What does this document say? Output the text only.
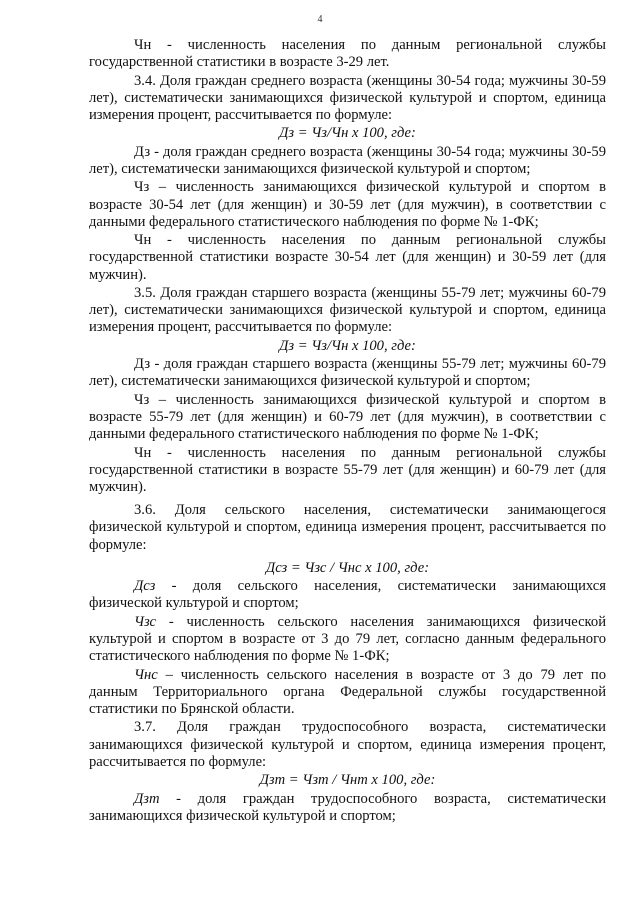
4

Чн - численность населения по данным региональной службы государственной статистики в возрасте 3-29 лет.

3.4. Доля граждан среднего возраста (женщины 30-54 года; мужчины 30-59 лет), систематически занимающихся физической культурой и спортом, единица измерения процент, рассчитывается по формуле:

Дз = Чз/Чн х 100, где:

Дз - доля граждан среднего возраста (женщины 30-54 года; мужчины 30-59 лет), систематически занимающихся физической культурой и спортом;

Чз – численность занимающихся физической культурой и спортом в возрасте 30-54 лет (для женщин) и 30-59 лет (для мужчин), в соответствии с данными федерального статистического наблюдения по форме № 1-ФК;

Чн - численность населения по данным региональной службы государственной статистики возрасте 30-54 лет (для женщин) и 30-59 лет (для мужчин).

3.5. Доля граждан старшего возраста (женщины 55-79 лет; мужчины 60-79 лет), систематически занимающихся физической культурой и спортом, единица измерения процент, рассчитывается по формуле:

Дз = Чз/Чн х 100, где:

Дз - доля граждан старшего возраста (женщины 55-79 лет; мужчины 60-79 лет), систематически занимающихся физической культурой и спортом;

Чз – численность занимающихся физической культурой и спортом в возрасте 55-79 лет (для женщин) и 60-79 лет (для мужчин), в соответствии с данными федерального статистического наблюдения по форме № 1-ФК;

Чн - численность населения по данным региональной службы государственной статистики в возрасте 55-79 лет (для женщин) и 60-79 лет (для мужчин).

3.6. Доля сельского населения, систематически занимающегося физической культурой и спортом, единица измерения процент, рассчитывается по формуле:

Дсз = Чзс / Чнс х 100, где:

Дсз - доля сельского населения, систематически занимающихся физической культурой и спортом;

Чзс - численность сельского населения занимающихся физической культурой и спортом в возрасте от 3 до 79 лет, согласно данным федерального статистического наблюдения по форме № 1-ФК;

Чнс – численность сельского населения в возрасте от 3 до 79 лет по данным Территориального органа Федеральной службы государственной статистики по Брянской области.

3.7. Доля граждан трудоспособного возраста, систематически занимающихся физической культурой и спортом, единица измерения процент, рассчитывается по формуле:

Дзт = Чзт / Чнт х 100, где:

Дзт - доля граждан трудоспособного возраста, систематически занимающихся физической культурой и спортом;
